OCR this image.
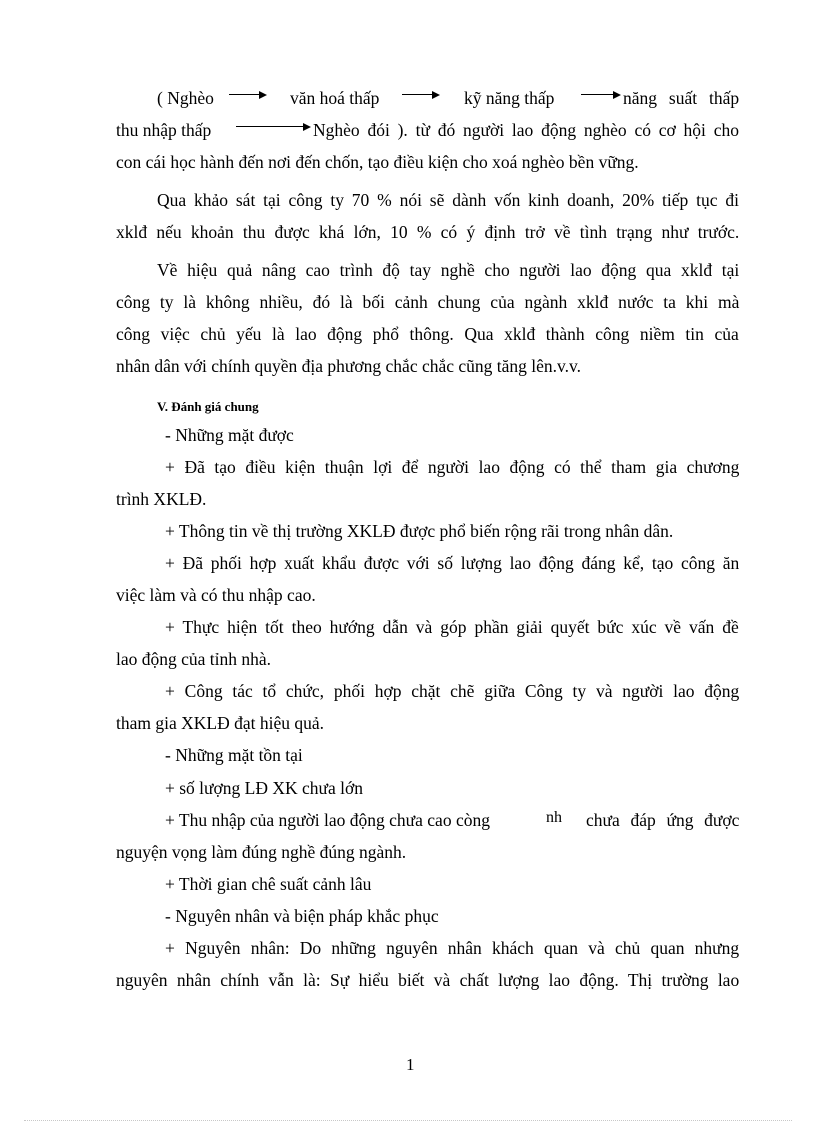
( Nghèo	văn hoá thấp	kỹ năng thấp	năng suất thấp
thu nhập thấp	Nghèo đói ). từ đó người lao động nghèo có cơ hội cho
con cái học hành đến nơi đến chốn, tạo điều kiện cho xoá nghèo bền vững.
Qua khảo sát tại công ty 70 % nói sẽ dành vốn kinh doanh, 20% tiếp tục đi
xklđ nếu khoản thu được khá lớn, 10 % có ý định trở về tình trạng như trước.
Về hiệu quả nâng cao trình độ tay nghề cho người lao động qua xklđ tại
công ty là không nhiều, đó là bối cảnh chung của ngành xklđ nước ta khi mà
công việc chủ yếu là lao động phổ thông. Qua xklđ thành công niềm tin của
nhân dân với chính quyền địa phương chắc chắc cũng tăng lên.v.v.
V. Đánh giá chung
- Những mặt được
+ Đã tạo điều kiện thuận lợi để người lao động có thể tham gia chương
trình XKLĐ.
+ Thông tin về thị trường XKLĐ được phổ biến rộng rãi trong nhân dân.
+ Đã phối hợp xuất khẩu được với số lượng lao động đáng kể, tạo công ăn
việc làm và có thu nhập cao.
+ Thực hiện tốt theo hướng dẫn và góp phần giải quyết bức xúc về vấn đề
lao động của tỉnh nhà.
+ Công tác tổ chức, phối hợp chặt chẽ giữa Công ty và người lao động
tham gia XKLĐ đạt hiệu quả.
- Những mặt tồn tại
+ số lượng LĐ XK chưa lớn
+ Thu nhập của người lao động chưa cao còng	nh chưa đáp ứng được
nguyện vọng làm đúng nghề đúng ngành.
+ Thời gian chê suất cảnh lâu
- Nguyên nhân và biện pháp khắc phục
+ Nguyên nhân: Do những nguyên nhân khách quan và chủ quan nhưng
nguyên nhân chính vẫn là: Sự hiểu biết và chất lượng lao động. Thị trường lao
1
